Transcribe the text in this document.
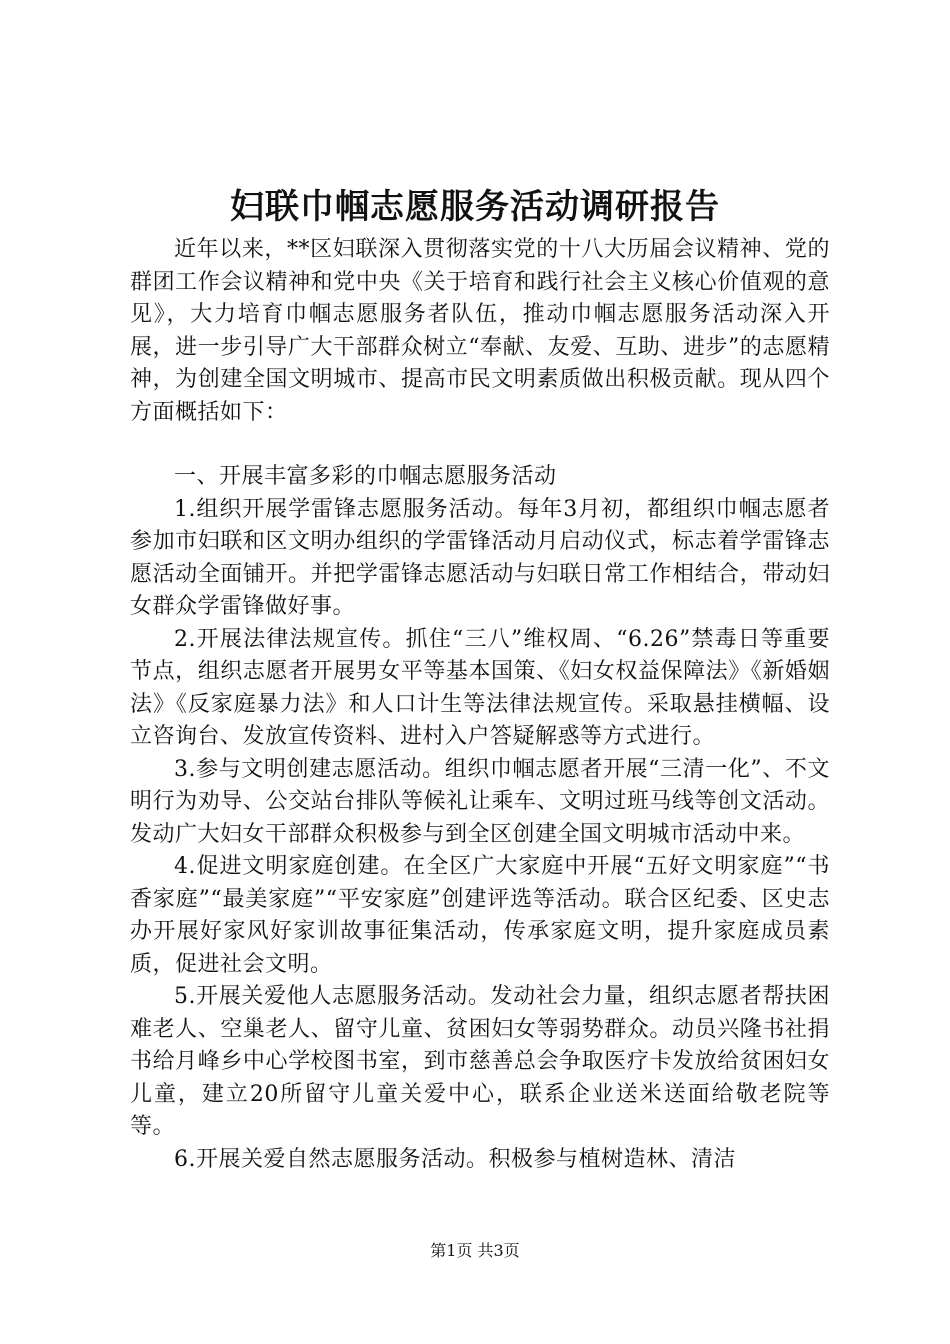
妇联巾帼志愿服务活动调研报告

近年以来，**区妇联深入贯彻落实党的十八大历届会议精神、党的群团工作会议精神和党中央《关于培育和践行社会主义核心价值观的意见》，大力培育巾帼志愿服务者队伍，推动巾帼志愿服务活动深入开展，进一步引导广大干部群众树立“奉献、友爱、互助、进步”的志愿精神，为创建全国文明城市、提高市民文明素质做出积极贡献。现从四个方面概括如下：

一、开展丰富多彩的巾帼志愿服务活动

1.组织开展学雷锋志愿服务活动。每年3月初，都组织巾帼志愿者参加市妇联和区文明办组织的学雷锋活动月启动仪式，标志着学雷锋志愿活动全面铺开。并把学雷锋志愿活动与妇联日常工作相结合，带动妇女群众学雷锋做好事。

2.开展法律法规宣传。抓住“三八”维权周、“6.26”禁毒日等重要节点，组织志愿者开展男女平等基本国策、《妇女权益保障法》《新婚姻法》《反家庭暴力法》和人口计生等法律法规宣传。采取悬挂横幅、设立咨询台、发放宣传资料、进村入户答疑解惑等方式进行。

3.参与文明创建志愿活动。组织巾帼志愿者开展“三清一化”、不文明行为劝导、公交站台排队等候礼让乘车、文明过班马线等创文活动。发动广大妇女干部群众积极参与到全区创建全国文明城市活动中来。

4.促进文明家庭创建。在全区广大家庭中开展“五好文明家庭”“书香家庭”“最美家庭”“平安家庭”创建评选等活动。联合区纪委、区史志办开展好家风好家训故事征集活动，传承家庭文明，提升家庭成员素质，促进社会文明。

5.开展关爱他人志愿服务活动。发动社会力量，组织志愿者帮扶困难老人、空巢老人、留守儿童、贫困妇女等弱势群众。动员兴隆书社捐书给月峰乡中心学校图书室，到市慈善总会争取医疗卡发放给贫困妇女儿童，建立20所留守儿童关爱中心，联系企业送米送面给敬老院等等。

6.开展关爱自然志愿服务活动。积极参与植树造林、清洁

第1页 共3页
